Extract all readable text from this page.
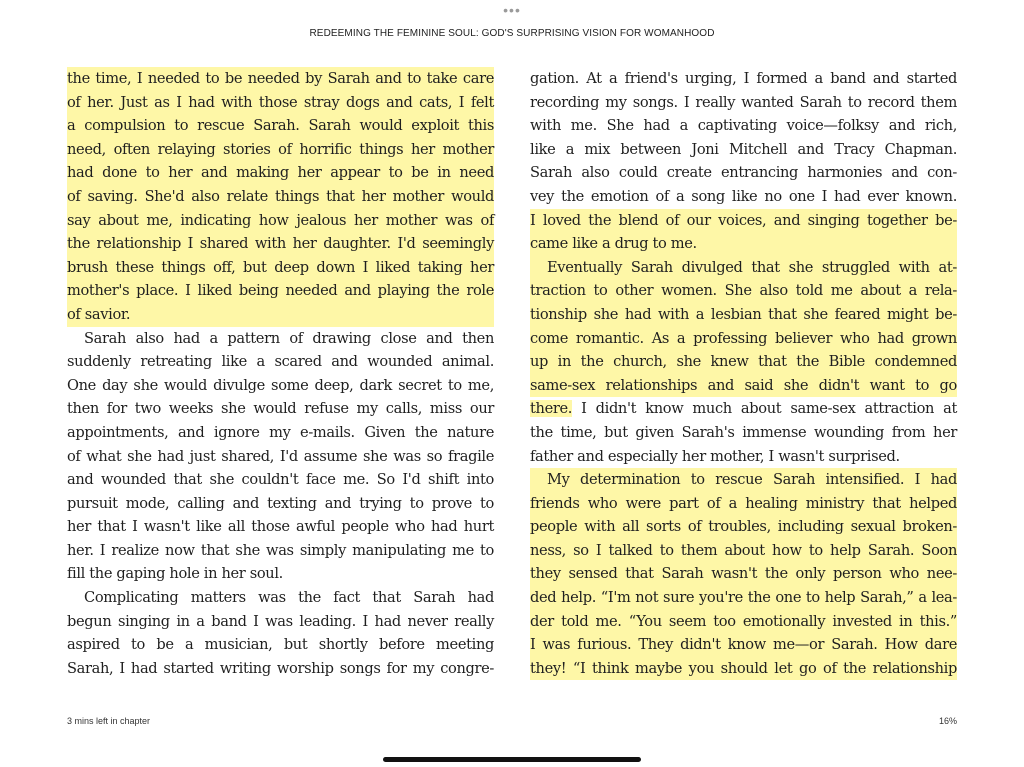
•••
REDEEMING THE FEMININE SOUL: GOD'S SURPRISING VISION FOR WOMANHOOD
the time, I needed to be needed by Sarah and to take care
of her. Just as I had with those stray dogs and cats, I felt
a compulsion to rescue Sarah. Sarah would exploit this
need, often relaying stories of horrific things her mother
had done to her and making her appear to be in need
of saving. She'd also relate things that her mother would
say about me, indicating how jealous her mother was of
the relationship I shared with her daughter. I'd seemingly
brush these things off, but deep down I liked taking her
mother's place. I liked being needed and playing the role
of savior.
Sarah also had a pattern of drawing close and then
suddenly retreating like a scared and wounded animal.
One day she would divulge some deep, dark secret to me,
then for two weeks she would refuse my calls, miss our
appointments, and ignore my e-mails. Given the nature
of what she had just shared, I'd assume she was so fragile
and wounded that she couldn't face me. So I'd shift into
pursuit mode, calling and texting and trying to prove to
her that I wasn't like all those awful people who had hurt
her. I realize now that she was simply manipulating me to
fill the gaping hole in her soul.
Complicating matters was the fact that Sarah had
begun singing in a band I was leading. I had never really
aspired to be a musician, but shortly before meeting
Sarah, I had started writing worship songs for my congre-
gation. At a friend's urging, I formed a band and started
recording my songs. I really wanted Sarah to record them
with me. She had a captivating voice—folksy and rich,
like a mix between Joni Mitchell and Tracy Chapman.
Sarah also could create entrancing harmonies and con-
vey the emotion of a song like no one I had ever known.
I loved the blend of our voices, and singing together be-
came like a drug to me.
Eventually Sarah divulged that she struggled with at-
traction to other women. She also told me about a rela-
tionship she had with a lesbian that she feared might be-
come romantic. As a professing believer who had grown
up in the church, she knew that the Bible condemned
same-sex relationships and said she didn't want to go
there. I didn't know much about same-sex attraction at
the time, but given Sarah's immense wounding from her
father and especially her mother, I wasn't surprised.
My determination to rescue Sarah intensified. I had
friends who were part of a healing ministry that helped
people with all sorts of troubles, including sexual broken-
ness, so I talked to them about how to help Sarah. Soon
they sensed that Sarah wasn't the only person who nee-
ded help. “I'm not sure you're the one to help Sarah,” a lea-
der told me. “You seem too emotionally invested in this.”
I was furious. They didn't know me—or Sarah. How dare
they! “I think maybe you should let go of the relationship
3 mins left in chapter	16%
